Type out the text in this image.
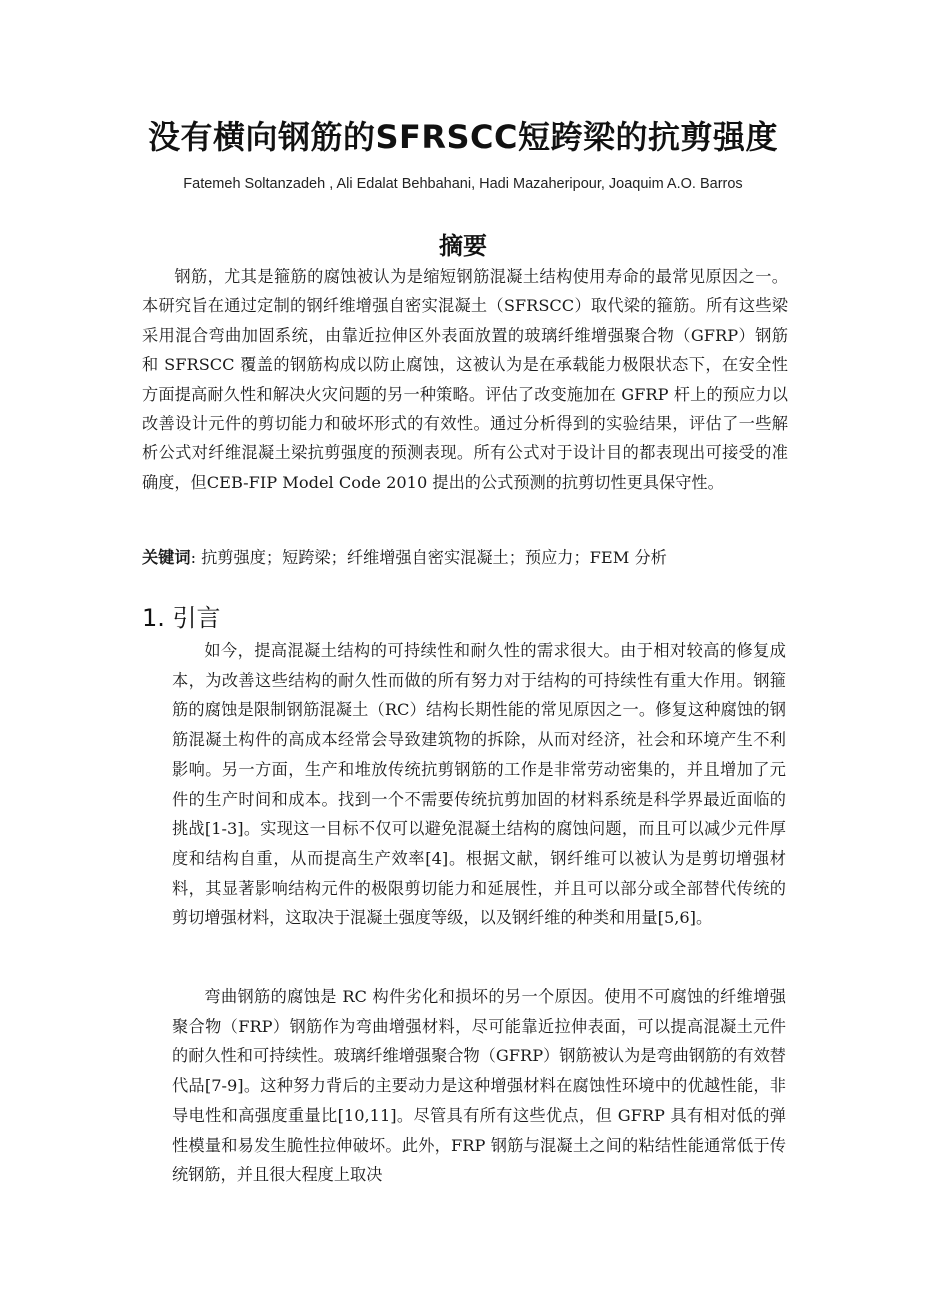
没有横向钢筋的SFRSCC短跨梁的抗剪强度

Fatemeh Soltanzadeh , Ali Edalat Behbahani, Hadi Mazaheripour, Joaquim A.O. Barros

摘要

钢筋，尤其是箍筋的腐蚀被认为是缩短钢筋混凝土结构使用寿命的最常见原因之一。本研究旨在通过定制的钢纤维增强自密实混凝土（SFRSCC）取代梁的箍筋。所有这些梁采用混合弯曲加固系统，由靠近拉伸区外表面放置的玻璃纤维增强聚合物（GFRP）钢筋和 SFRSCC 覆盖的钢筋构成以防止腐蚀，这被认为是在承载能力极限状态下，在安全性方面提高耐久性和解决火灾问题的另一种策略。评估了改变施加在 GFRP 杆上的预应力以改善设计元件的剪切能力和破坏形式的有效性。通过分析得到的实验结果，评估了一些解析公式对纤维混凝土梁抗剪强度的预测表现。所有公式对于设计目的都表现出可接受的准确度，但CEB-FIP Model Code 2010 提出的公式预测的抗剪切性更具保守性。

关键词: 抗剪强度；短跨梁；纤维增强自密实混凝土；预应力；FEM 分析

1. 引言

如今，提高混凝土结构的可持续性和耐久性的需求很大。由于相对较高的修复成本，为改善这些结构的耐久性而做的所有努力对于结构的可持续性有重大作用。钢箍筋的腐蚀是限制钢筋混凝土（RC）结构长期性能的常见原因之一。修复这种腐蚀的钢筋混凝土构件的高成本经常会导致建筑物的拆除，从而对经济，社会和环境产生不利影响。另一方面，生产和堆放传统抗剪钢筋的工作是非常劳动密集的，并且增加了元件的生产时间和成本。找到一个不需要传统抗剪加固的材料系统是科学界最近面临的挑战[1-3]。实现这一目标不仅可以避免混凝土结构的腐蚀问题，而且可以减少元件厚度和结构自重，从而提高生产效率[4]。根据文献，钢纤维可以被认为是剪切增强材料，其显著影响结构元件的极限剪切能力和延展性，并且可以部分或全部替代传统的剪切增强材料，这取决于混凝土强度等级，以及钢纤维的种类和用量[5,6]。

弯曲钢筋的腐蚀是 RC 构件劣化和损坏的另一个原因。使用不可腐蚀的纤维增强聚合物（FRP）钢筋作为弯曲增强材料，尽可能靠近拉伸表面，可以提高混凝土元件的耐久性和可持续性。玻璃纤维增强聚合物（GFRP）钢筋被认为是弯曲钢筋的有效替代品[7-9]。这种努力背后的主要动力是这种增强材料在腐蚀性环境中的优越性能，非导电性和高强度重量比[10,11]。尽管具有所有这些优点，但 GFRP 具有相对低的弹性模量和易发生脆性拉伸破坏。此外，FRP 钢筋与混凝土之间的粘结性能通常低于传统钢筋，并且很大程度上取决
